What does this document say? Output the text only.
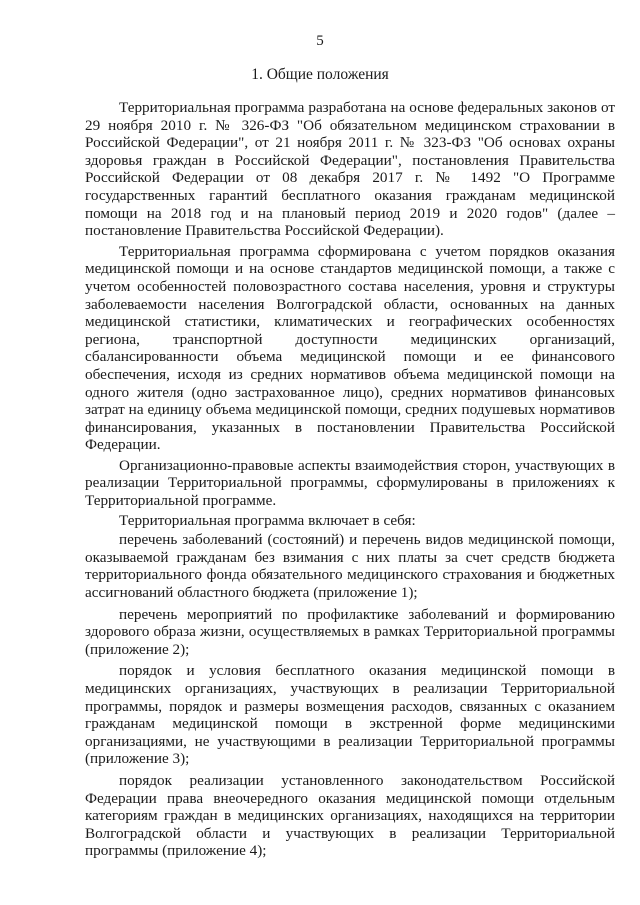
5
1. Общие положения

Территориальная программа разработана на основе федеральных законов от 29 ноября 2010 г. № 326-ФЗ "Об обязательном медицинском страховании в Российской Федерации", от 21 ноября 2011 г. № 323-ФЗ "Об основах охраны здоровья граждан в Российской Федерации", постановления Правительства Российской Федерации от 08 декабря 2017 г. № 1492 "О Программе государственных гарантий бесплатного оказания гражданам медицинской помощи на 2018 год и на плановый период 2019 и 2020 годов" (далее – постановление Правительства Российской Федерации).

Территориальная программа сформирована с учетом порядков оказания медицинской помощи и на основе стандартов медицинской помощи, а также с учетом особенностей половозрастного состава населения, уровня и структуры заболеваемости населения Волгоградской области, основанных на данных медицинской статистики, климатических и географических особенностях региона, транспортной доступности медицинских организаций, сбалансированности объема медицинской помощи и ее финансового обеспечения, исходя из средних нормативов объема медицинской помощи на одного жителя (одно застрахованное лицо), средних нормативов финансовых затрат на единицу объема медицинской помощи, средних подушевых нормативов финансирования, указанных в постановлении Правительства Российской Федерации.

Организационно-правовые аспекты взаимодействия сторон, участвующих в реализации Территориальной программы, сформулированы в приложениях к Территориальной программе.

Территориальная программа включает в себя:

перечень заболеваний (состояний) и перечень видов медицинской помощи, оказываемой гражданам без взимания с них платы за счет средств бюджета территориального фонда обязательного медицинского страхования и бюджетных ассигнований областного бюджета (приложение 1);

перечень мероприятий по профилактике заболеваний и формированию здорового образа жизни, осуществляемых в рамках Территориальной программы (приложение 2);

порядок и условия бесплатного оказания медицинской помощи в медицинских организациях, участвующих в реализации Территориальной программы, порядок и размеры возмещения расходов, связанных с оказанием гражданам медицинской помощи в экстренной форме медицинскими организациями, не участвующими в реализации Территориальной программы (приложение 3);

порядок реализации установленного законодательством Российской Федерации права внеочередного оказания медицинской помощи отдельным категориям граждан в медицинских организациях, находящихся на территории Волгоградской области и участвующих в реализации Территориальной программы (приложение 4);
